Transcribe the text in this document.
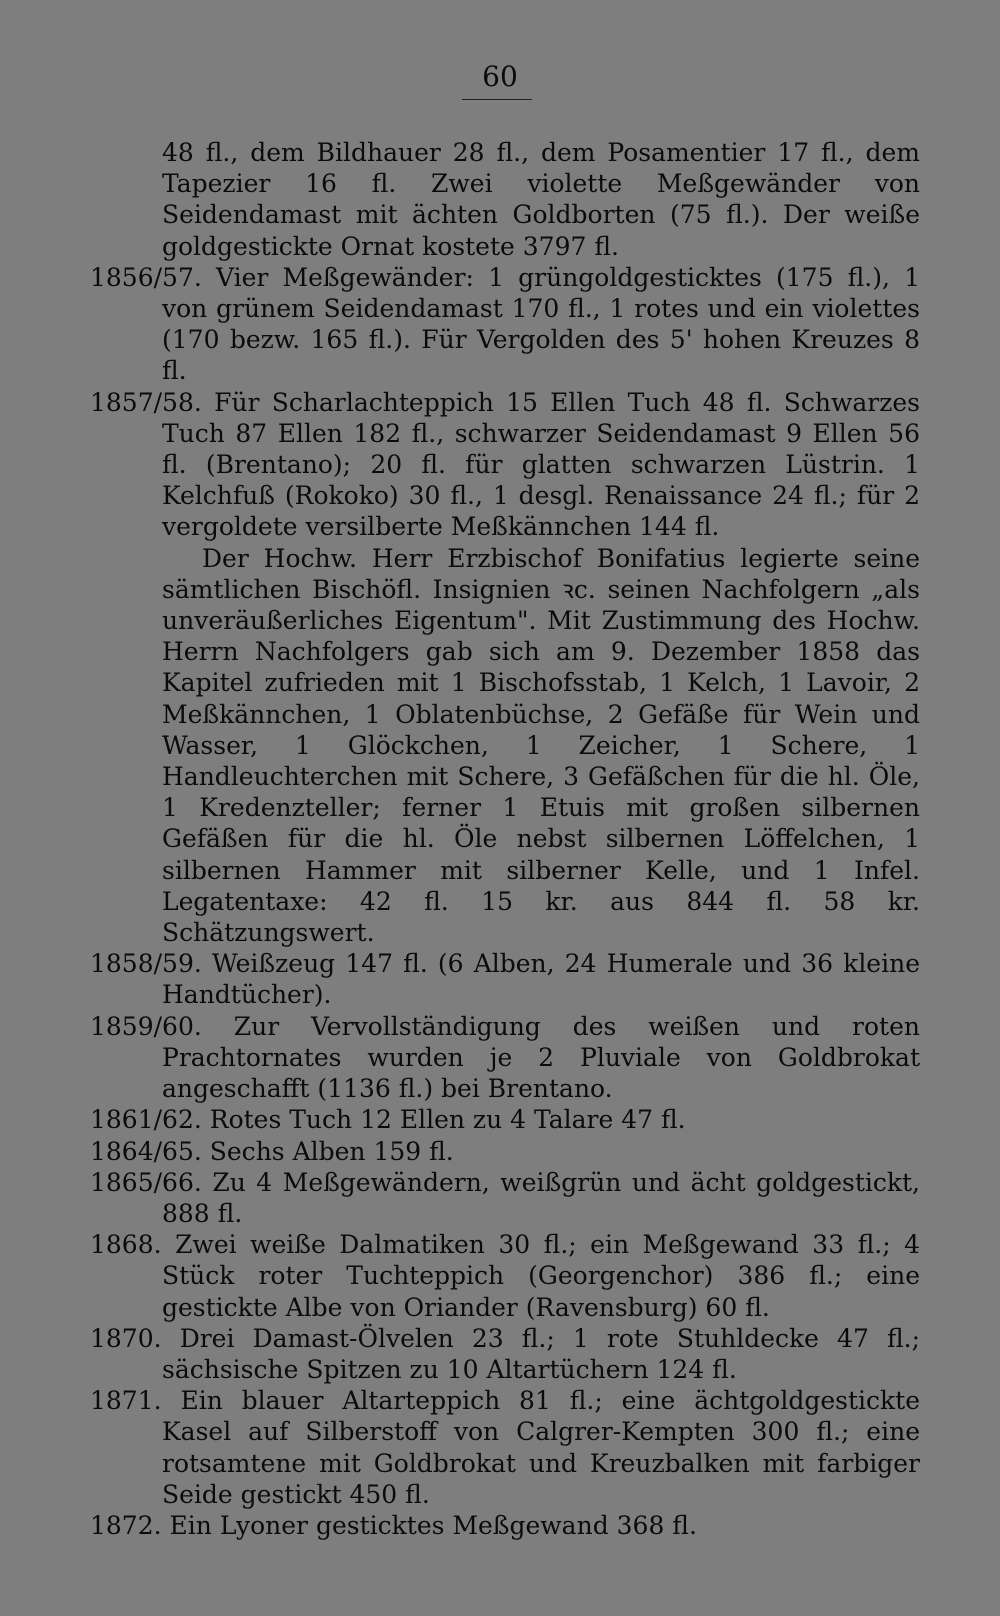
60

48 fl., dem Bildhauer 28 fl., dem Posamentier 17 fl., dem Tapezier 16 fl. Zwei violette Meßgewänder von Seidendamast mit ächten Goldborten (75 fl.). Der weiße goldgestickte Ornat kostete 3797 fl.

1856/57. Vier Meßgewänder: 1 grüngoldgesticktes (175 fl.), 1 von grünem Seidendamast 170 fl., 1 rotes und ein violettes (170 bezw. 165 fl.). Für Vergolden des 5' hohen Kreuzes 8 fl.

1857/58. Für Scharlachteppich 15 Ellen Tuch 48 fl. Schwarzes Tuch 87 Ellen 182 fl., schwarzer Seidendamast 9 Ellen 56 fl. (Brentano); 20 fl. für glatten schwarzen Lüstrin. 1 Kelchfuß (Rokoko) 30 fl., 1 desgl. Renaissance 24 fl.; für 2 vergoldete versilberte Meßkännchen 144 fl.

Der Hochw. Herr Erzbischof Bonifatius legierte seine sämtlichen Bischöfl. Insignien ꝛc. seinen Nachfolgern „als unveräußerliches Eigentum". Mit Zustimmung des Hochw. Herrn Nachfolgers gab sich am 9. Dezember 1858 das Kapitel zufrieden mit 1 Bischofsstab, 1 Kelch, 1 Lavoir, 2 Meßkännchen, 1 Oblatenbüchse, 2 Gefäße für Wein und Wasser, 1 Glöckchen, 1 Zeicher, 1 Schere, 1 Handleuchterchen mit Schere, 3 Gefäßchen für die hl. Öle, 1 Kredenzteller; ferner 1 Etuis mit großen silbernen Gefäßen für die hl. Öle nebst silbernen Löffelchen, 1 silbernen Hammer mit silberner Kelle, und 1 Infel. Legatentaxe: 42 fl. 15 kr. aus 844 fl. 58 kr. Schätzungswert.

1858/59. Weißzeug 147 fl. (6 Alben, 24 Humerale und 36 kleine Handtücher).

1859/60. Zur Vervollständigung des weißen und roten Prachtornates wurden je 2 Pluviale von Goldbrokat angeschafft (1136 fl.) bei Brentano.

1861/62. Rotes Tuch 12 Ellen zu 4 Talare 47 fl.

1864/65. Sechs Alben 159 fl.

1865/66. Zu 4 Meßgewändern, weißgrün und ächt goldgestickt, 888 fl.

1868. Zwei weiße Dalmatiken 30 fl.; ein Meßgewand 33 fl.; 4 Stück roter Tuchteppich (Georgenchor) 386 fl.; eine gestickte Albe von Oriander (Ravensburg) 60 fl.

1870. Drei Damast-Ölvelen 23 fl.; 1 rote Stuhldecke 47 fl.; sächsische Spitzen zu 10 Altartüchern 124 fl.

1871. Ein blauer Altarteppich 81 fl.; eine ächtgoldgestickte Kasel auf Silberstoff von Calgrer-Kempten 300 fl.; eine rotsamtene mit Goldbrokat und Kreuzbalken mit farbiger Seide gestickt 450 fl.

1872. Ein Lyoner gesticktes Meßgewand 368 fl.
